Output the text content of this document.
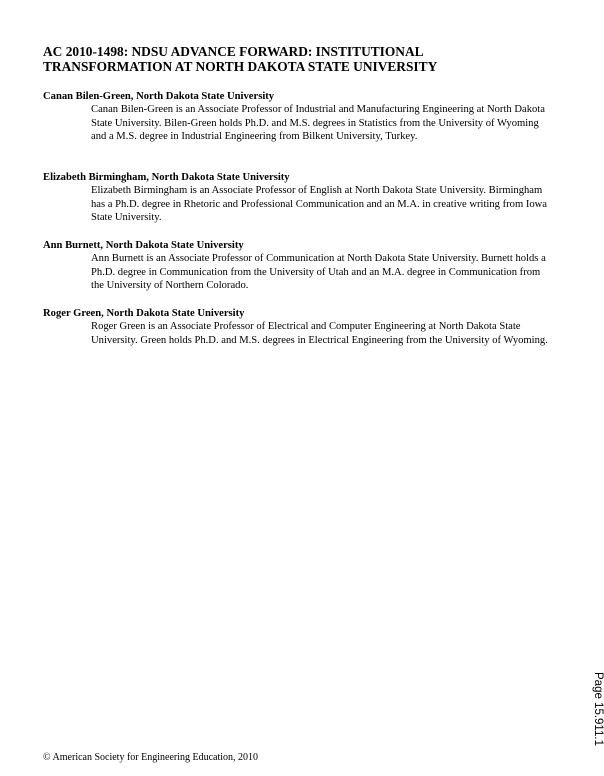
AC 2010-1498: NDSU ADVANCE FORWARD: INSTITUTIONAL
TRANSFORMATION AT NORTH DAKOTA STATE UNIVERSITY

Canan Bilen-Green, North Dakota State University

Canan Bilen-Green is an Associate Professor of Industrial and Manufacturing Engineering at North Dakota State University. Bilen-Green holds Ph.D. and M.S. degrees in Statistics from the University of Wyoming and a M.S. degree in Industrial Engineering from Bilkent University, Turkey.

Elizabeth Birmingham, North Dakota State University

Elizabeth Birmingham is an Associate Professor of English at North Dakota State University. Birmingham has a Ph.D. degree in Rhetoric and Professional Communication and an M.A. in creative writing from Iowa State University.

Ann Burnett, North Dakota State University

Ann Burnett is an Associate Professor of Communication at North Dakota State University. Burnett holds a Ph.D. degree in Communication from the University of Utah and an M.A. degree in Communication from the University of Northern Colorado.

Roger Green, North Dakota State University

Roger Green is an Associate Professor of Electrical and Computer Engineering at North Dakota State University. Green holds Ph.D. and M.S. degrees in Electrical Engineering from the University of Wyoming.

© American Society for Engineering Education, 2010

Page 15.911.1
